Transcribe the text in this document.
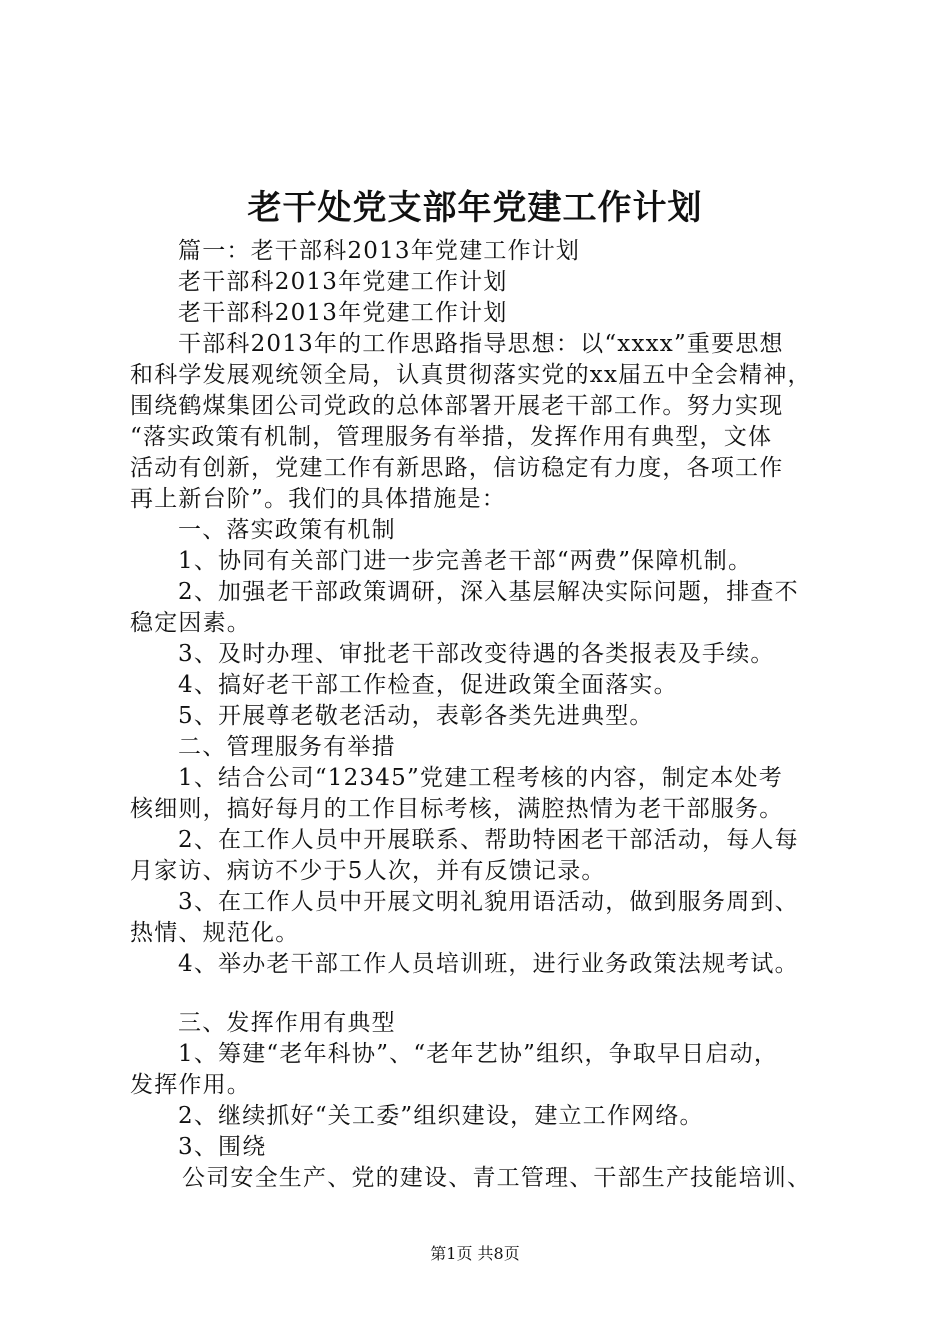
老干处党支部年党建工作计划
篇一：老干部科2013年党建工作计划
老干部科2013年党建工作计划
老干部科2013年党建工作计划
干部科2013年的工作思路指导思想：以“xxxx”重要思想
和科学发展观统领全局，认真贯彻落实党的xx届五中全会精神，
围绕鹤煤集团公司党政的总体部署开展老干部工作。努力实现
“落实政策有机制，管理服务有举措，发挥作用有典型，文体
活动有创新，党建工作有新思路，信访稳定有力度，各项工作
再上新台阶”。我们的具体措施是：
一、落实政策有机制
1、协同有关部门进一步完善老干部“两费”保障机制。
2、加强老干部政策调研，深入基层解决实际问题，排查不
稳定因素。
3、及时办理、审批老干部改变待遇的各类报表及手续。
4、搞好老干部工作检查，促进政策全面落实。
5、开展尊老敬老活动，表彰各类先进典型。
二、管理服务有举措
1、结合公司“12345”党建工程考核的内容，制定本处考
核细则，搞好每月的工作目标考核，满腔热情为老干部服务。
2、在工作人员中开展联系、帮助特困老干部活动，每人每
月家访、病访不少于5人次，并有反馈记录。
3、在工作人员中开展文明礼貌用语活动，做到服务周到、
热情、规范化。
4、举办老干部工作人员培训班，进行业务政策法规考试。
三、发挥作用有典型
1、筹建“老年科协”、“老年艺协”组织，争取早日启动，
发挥作用。
2、继续抓好“关工委”组织建设，建立工作网络。
3、围绕
公司安全生产、党的建设、青工管理、干部生产技能培训、
第1页 共8页
